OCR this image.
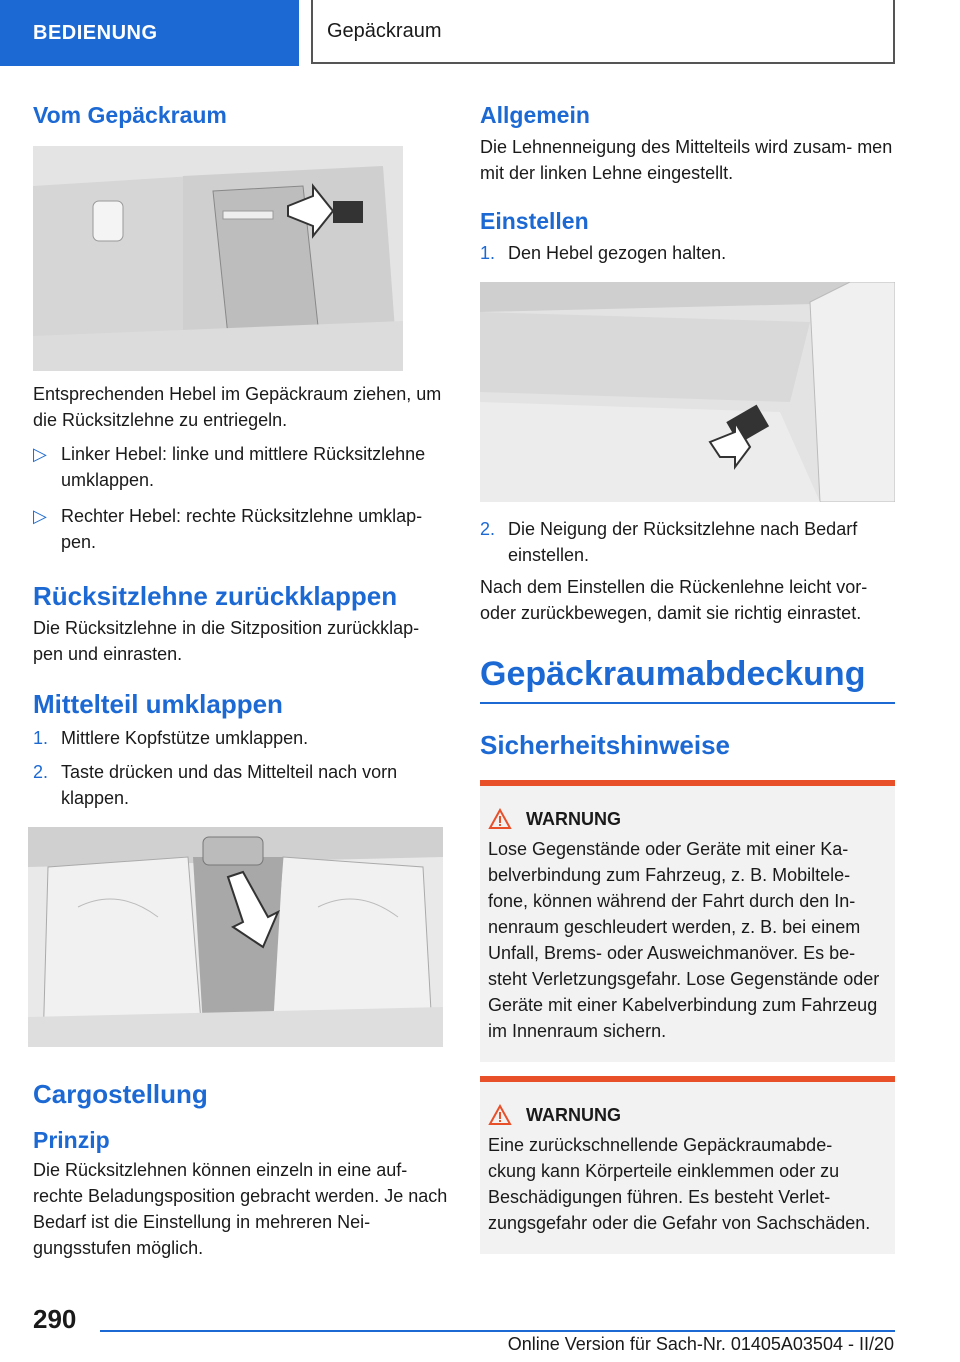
BEDIENUNG	Gepäckraum
Vom Gepäckraum

Entsprechenden Hebel im Gepäckraum ziehen, um die Rücksitzlehne zu entriegeln.

▷ Linker Hebel: linke und mittlere Rücksitzlehne umklappen.
▷ Rechter Hebel: rechte Rücksitzlehne umklap‐ pen.
Rücksitzlehne zurückklappen

Die Rücksitzlehne in die Sitzposition zurückklap‐ pen und einrasten.

Mittelteil umklappen
1. Mittlere Kopfstütze umklappen.
2. Taste drücken und das Mittelteil nach vorn klappen.
Cargostellung
Prinzip

Die Rücksitzlehnen können einzeln in eine auf‐ rechte Beladungsposition gebracht werden. Je nach Bedarf ist die Einstellung in mehreren Nei‐ gungsstufen möglich.

Allgemein

Die Lehnenneigung des Mittelteils wird zusam‐ men mit der linken Lehne eingestellt.

Einstellen
1. Den Hebel gezogen halten.
2. Die Neigung der Rücksitzlehne nach Bedarf einstellen.

Nach dem Einstellen die Rückenlehne leicht vor‐ oder zurückbewegen, damit sie richtig einrastet.

Gepäckraumabdeckung
Sicherheitshinweise
WARNUNG

Lose Gegenstände oder Geräte mit einer Ka‐ belverbindung zum Fahrzeug, z. B. Mobiltele‐ fone, können während der Fahrt durch den In‐ nenraum geschleudert werden, z. B. bei einem Unfall, Brems- oder Ausweichmanöver. Es be‐ steht Verletzungsgefahr. Lose Gegenstände oder Geräte mit einer Kabelverbindung zum Fahrzeug im Innenraum sichern.

WARNUNG

Eine zurückschnellende Gepäckraumabde‐ ckung kann Körperteile einklemmen oder zu Beschädigungen führen. Es besteht Verlet‐ zungsgefahr oder die Gefahr von Sachschäden.

290
Online Version für Sach-Nr. 01405A03504 - II/20
